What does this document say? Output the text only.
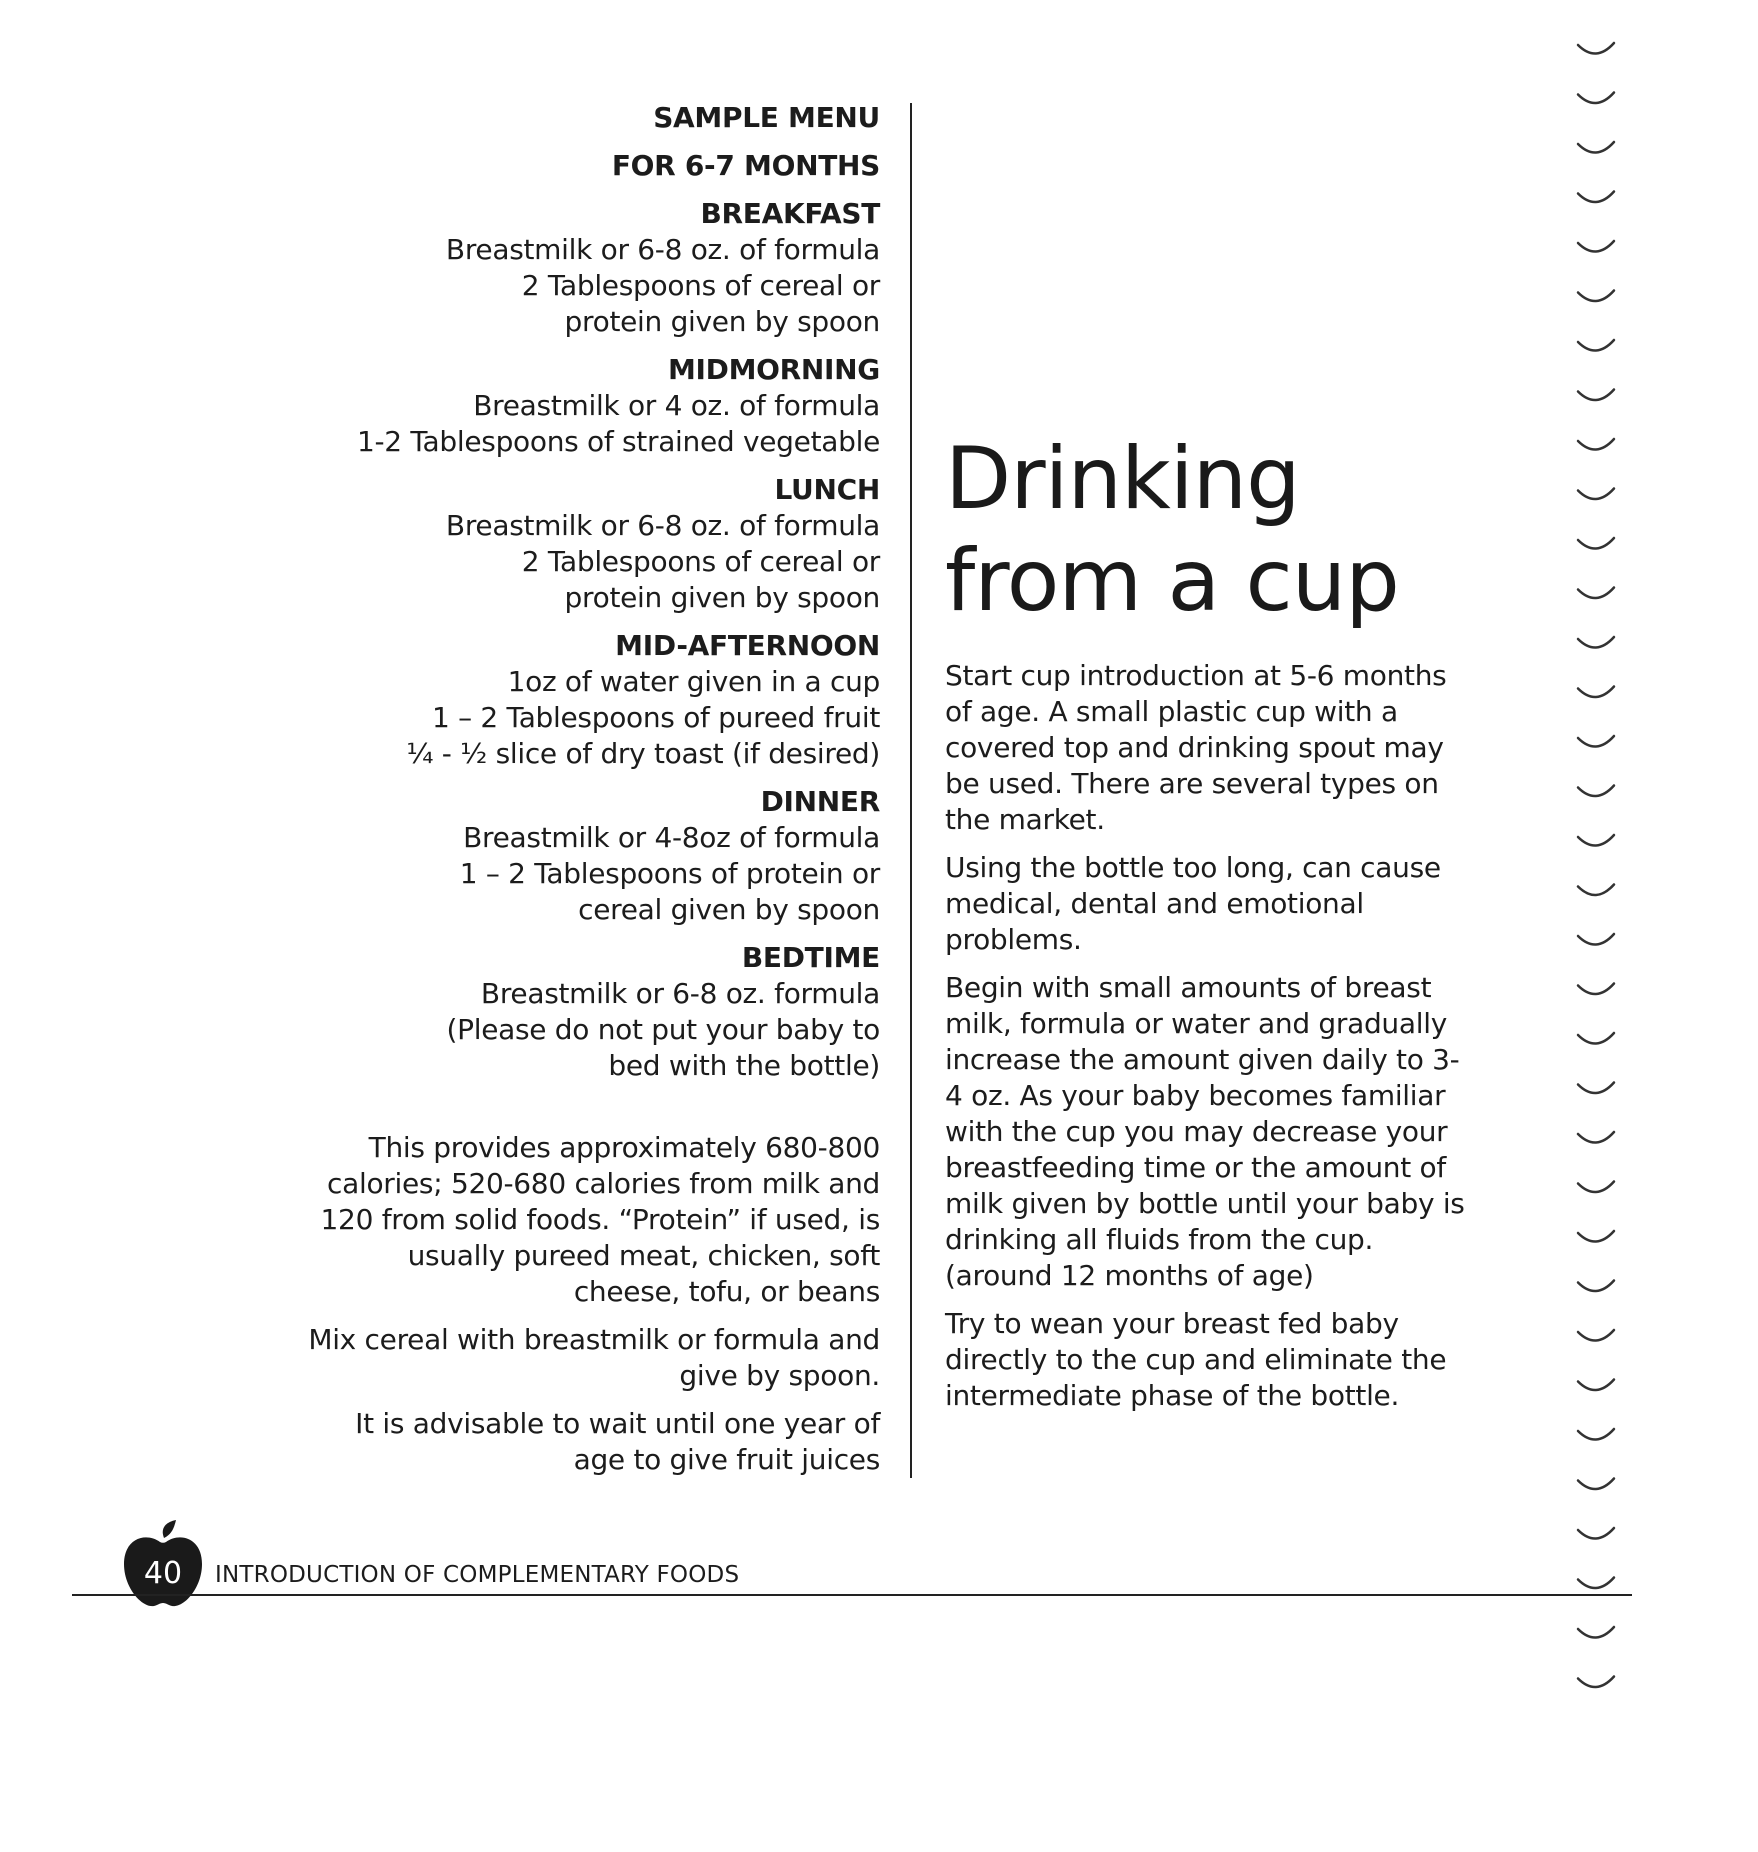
SAMPLE MENU
FOR 6-7 MONTHS
BREAKFAST
Breastmilk or 6-8 oz. of formula
2 Tablespoons of cereal or
protein given by spoon
MIDMORNING
Breastmilk or 4 oz. of formula
1-2 Tablespoons of strained vegetable
LUNCH
Breastmilk or 6-8 oz. of formula
2 Tablespoons of cereal or
protein given by spoon
MID-AFTERNOON
1oz of water given in a cup
1 – 2 Tablespoons of pureed fruit
¼ - ½ slice of dry toast (if desired)
DINNER
Breastmilk or 4-8oz of formula
1 – 2 Tablespoons of protein or
cereal given by spoon
BEDTIME
Breastmilk or 6-8 oz. formula
(Please do not put your baby to
bed with the bottle)
This provides approximately 680-800 calories; 520-680 calories from milk and 120 from solid foods. “Protein” if used, is usually pureed meat, chicken, soft cheese, tofu, or beans
Mix cereal with breastmilk or formula and give by spoon.
It is advisable to wait until one year of age to give fruit juices
Drinking
from a cup
Start cup introduction at 5-6 months of age. A small plastic cup with a covered top and drinking spout may be used. There are several types on the market.
Using the bottle too long, can cause medical, dental and emotional problems.
Begin with small amounts of breast milk, formula or water and gradually increase the amount given daily to 3-4 oz. As your baby becomes familiar with the cup you may decrease your breastfeeding time or the amount of milk given by bottle until your baby is drinking all fluids from the cup. (around 12 months of age)
Try to wean your breast fed baby directly to the cup and eliminate the intermediate phase of the bottle.
40 INTRODUCTION OF COMPLEMENTARY FOODS
